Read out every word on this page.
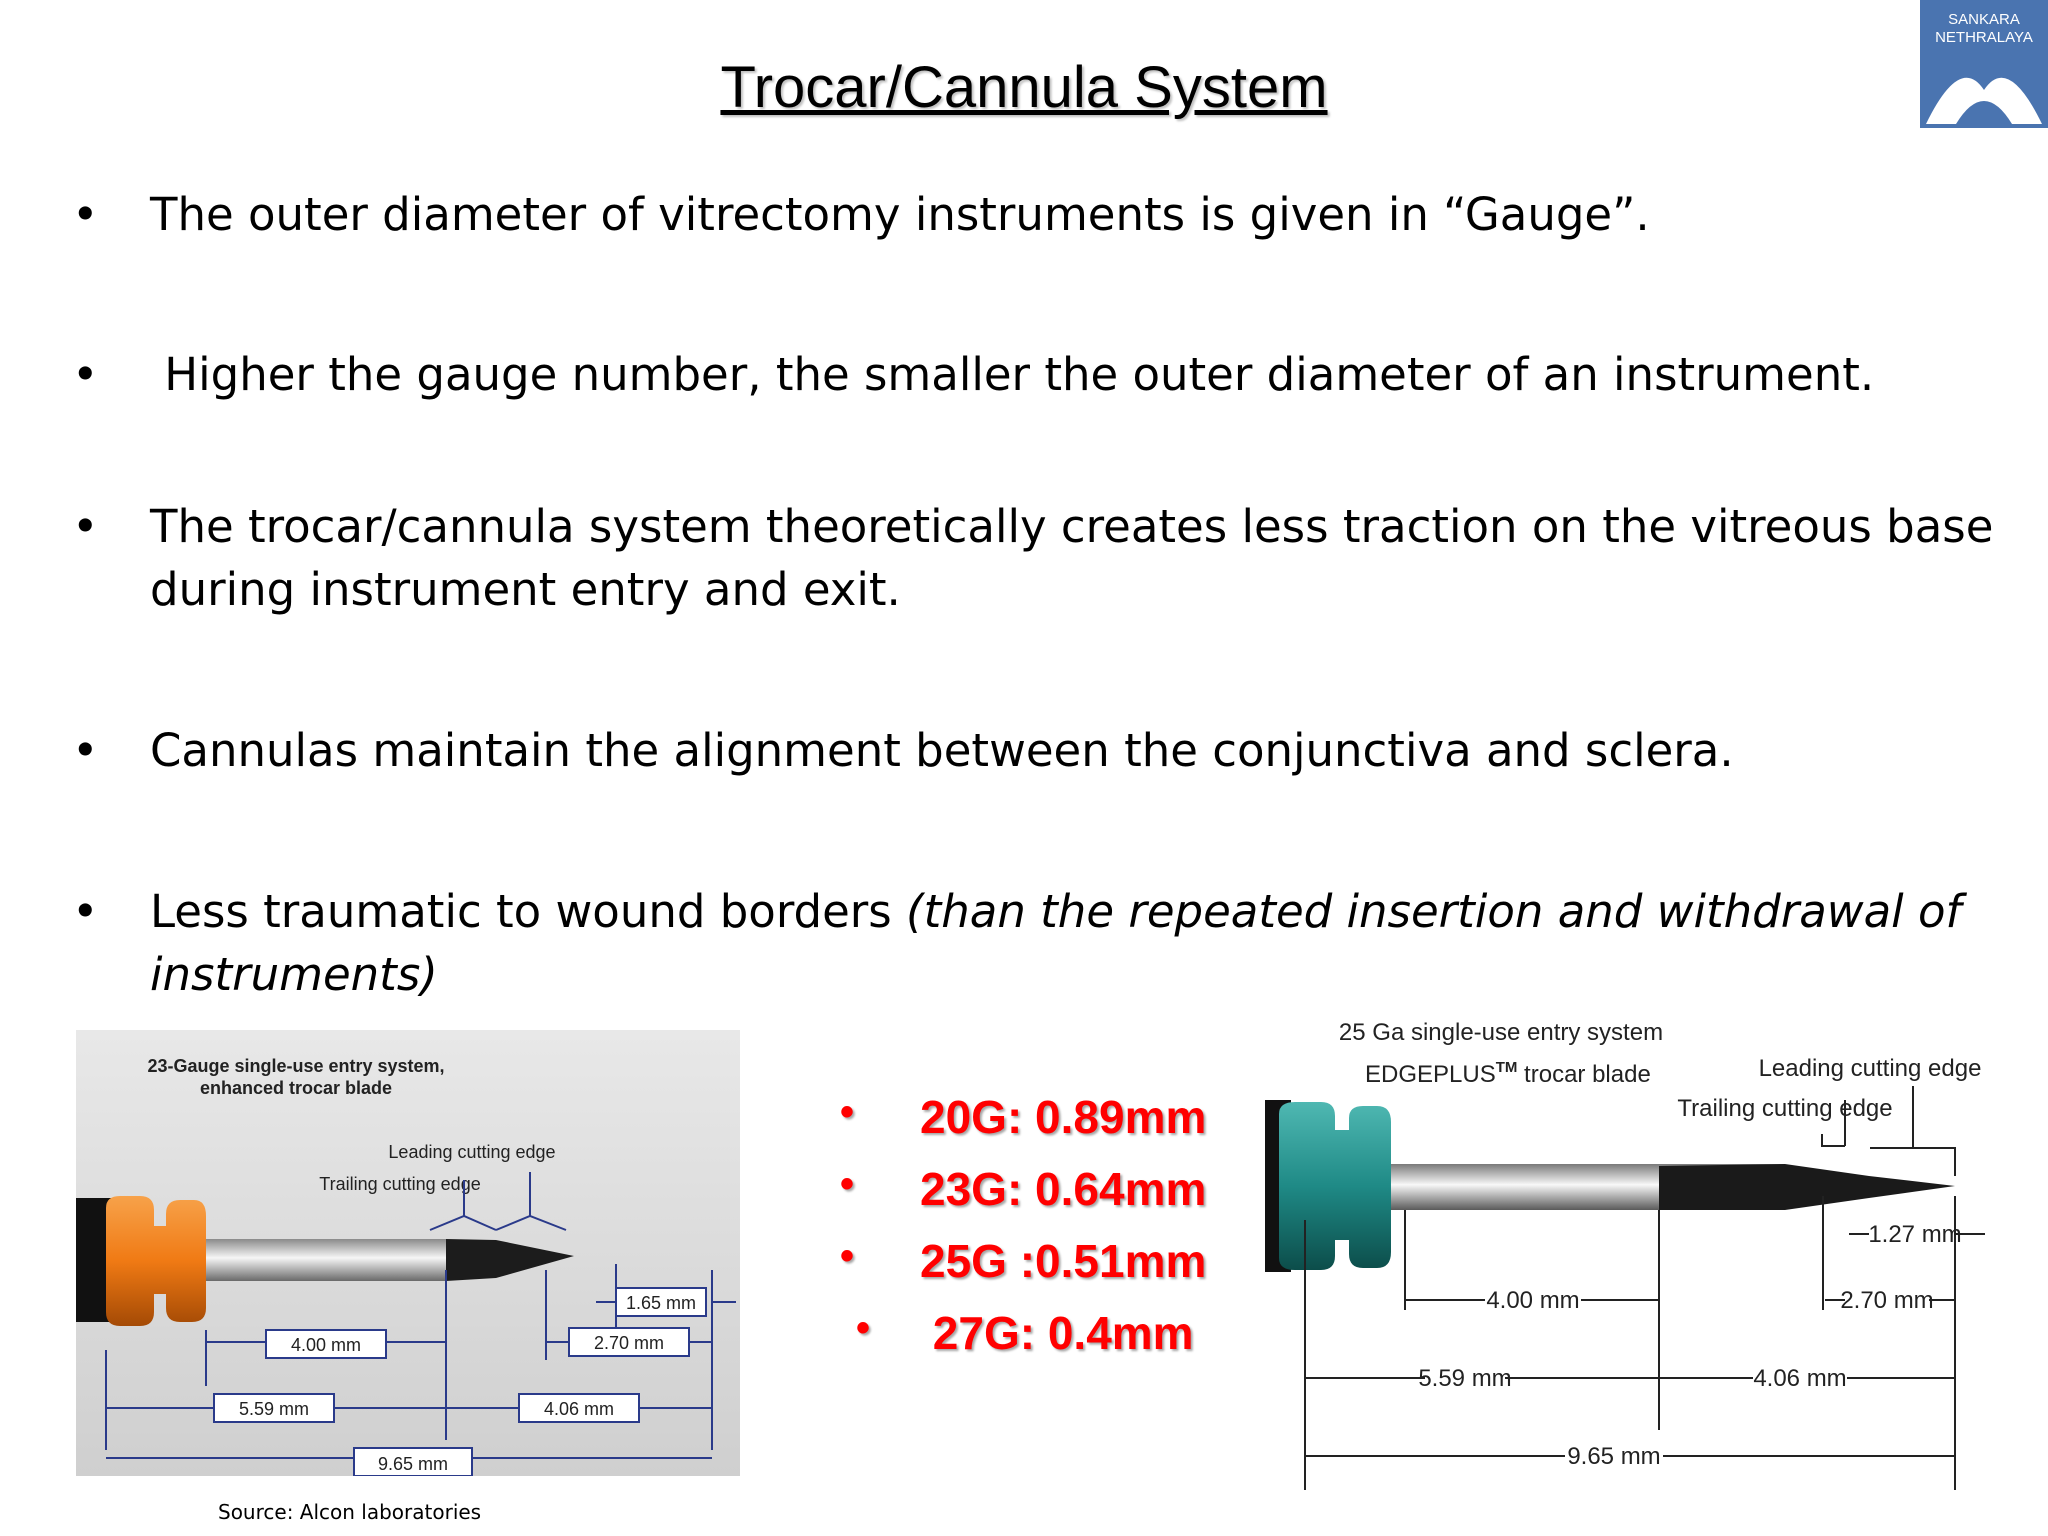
Trocar/Cannula System
SANKARA
NETHRALAYA
• The outer diameter of vitrectomy instruments is given in “Gauge”.
• Higher the gauge number, the smaller the outer diameter of an instrument.
• The trocar/cannula system theoretically creates less traction on the vitreous base during instrument entry and exit.
• Cannulas maintain the alignment between the conjunctiva and sclera.
• Less traumatic to wound borders (than the repeated insertion and withdrawal of instruments)
23-Gauge single-use entry system,
enhanced trocar blade
Leading cutting edge
Trailing cutting edge
1.65 mm
4.00 mm	2.70 mm
5.59 mm	4.06 mm
9.65 mm
• 20G: 0.89mm
• 23G: 0.64mm
• 25G :0.51mm
• 27G: 0.4mm
25 Ga single-use entry system
EDGEPLUS™ trocar blade	Leading cutting edge
Trailing cutting edge
1.27 mm
4.00 mm	2.70 mm
5.59 mm	4.06 mm
9.65 mm
Source: Alcon laboratories
